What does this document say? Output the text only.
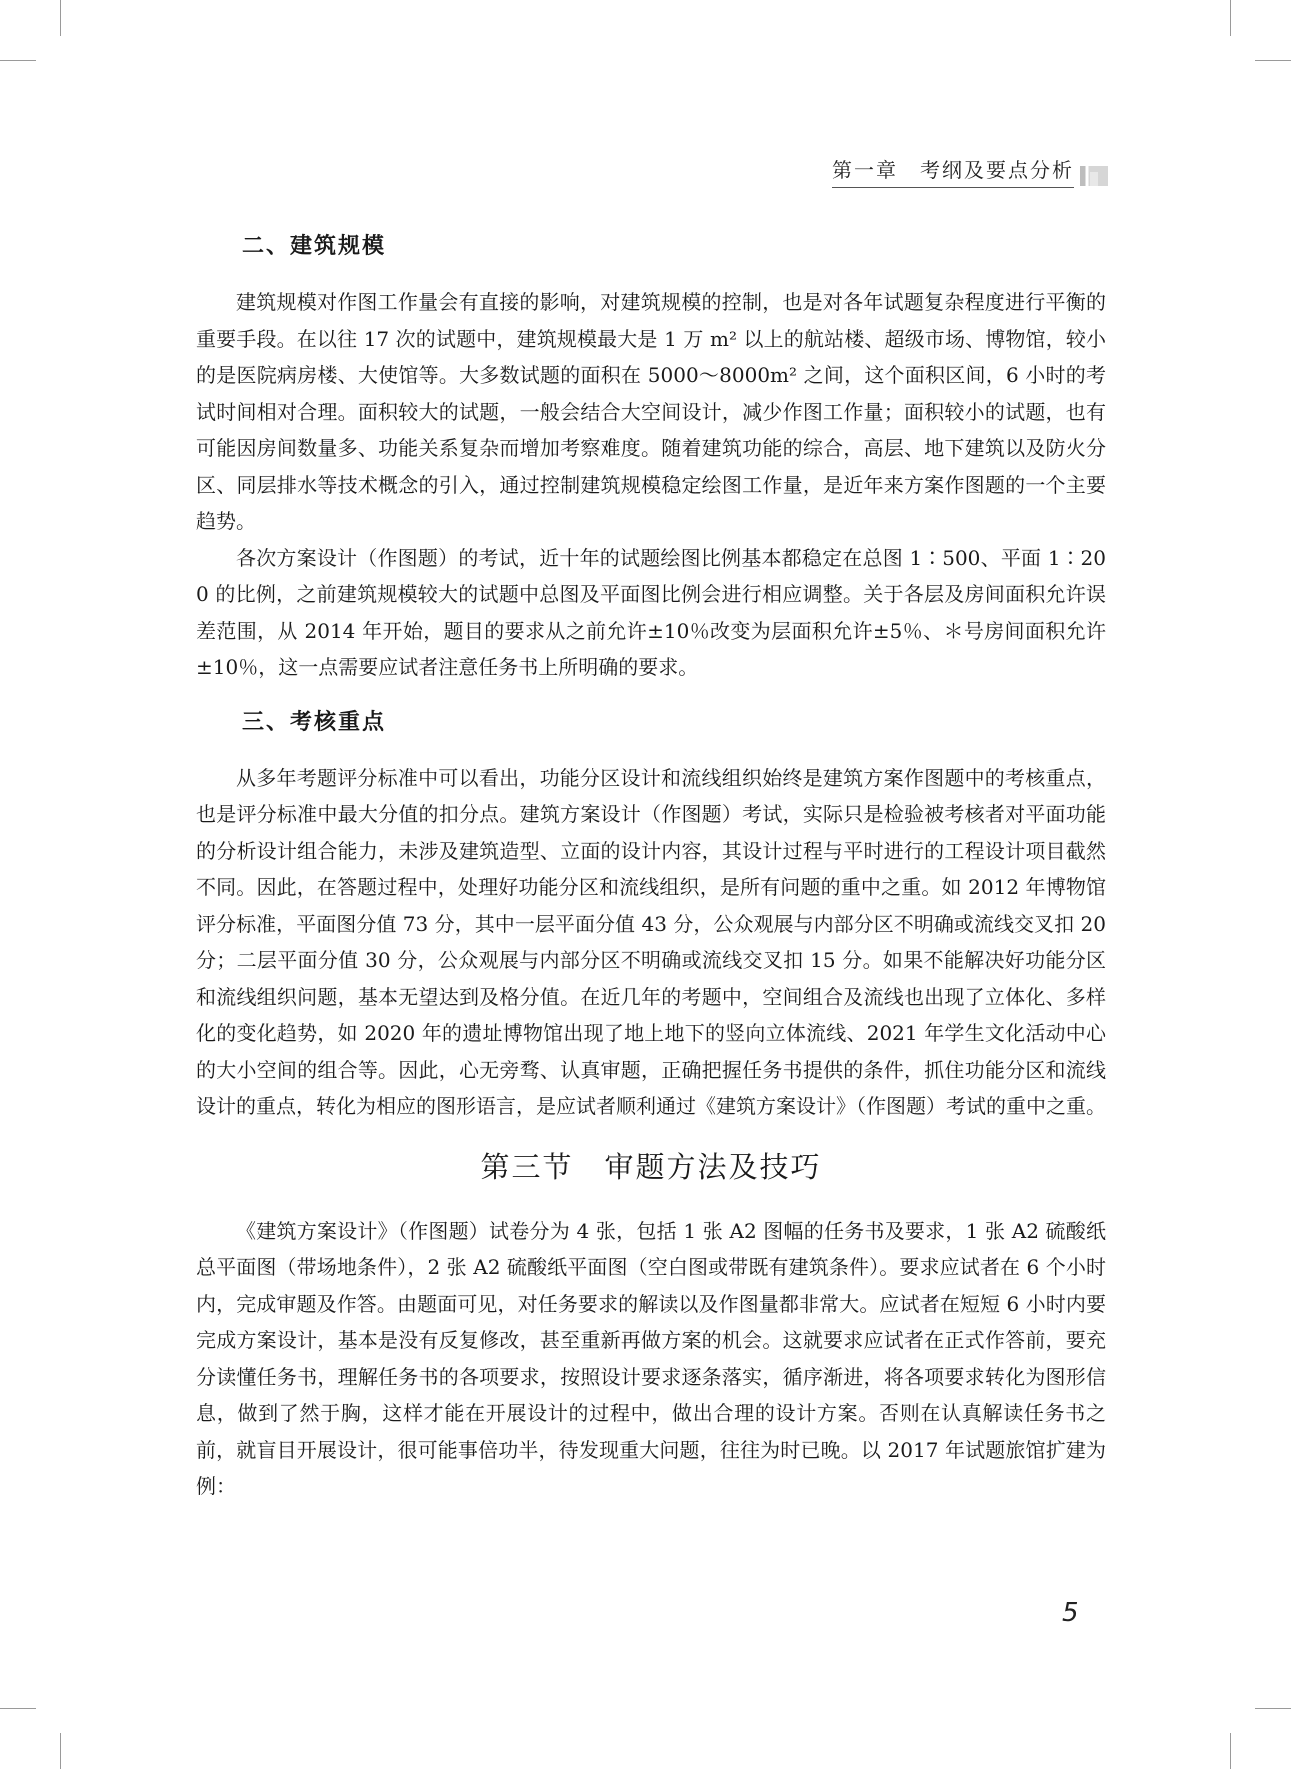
第一章　考纲及要点分析
二、建筑规模

建筑规模对作图工作量会有直接的影响，对建筑规模的控制，也是对各年试题复杂程度进行平衡的重要手段。在以往 17 次的试题中，建筑规模最大是 1 万 m² 以上的航站楼、超级市场、博物馆，较小的是医院病房楼、大使馆等。大多数试题的面积在 5000～8000m² 之间，这个面积区间，6 小时的考试时间相对合理。面积较大的试题，一般会结合大空间设计，减少作图工作量；面积较小的试题，也有可能因房间数量多、功能关系复杂而增加考察难度。随着建筑功能的综合，高层、地下建筑以及防火分区、同层排水等技术概念的引入，通过控制建筑规模稳定绘图工作量，是近年来方案作图题的一个主要趋势。

各次方案设计（作图题）的考试，近十年的试题绘图比例基本都稳定在总图 1∶500、平面 1∶200 的比例，之前建筑规模较大的试题中总图及平面图比例会进行相应调整。关于各层及房间面积允许误差范围，从 2014 年开始，题目的要求从之前允许±10％改变为层面积允许±5％、＊号房间面积允许±10％，这一点需要应试者注意任务书上所明确的要求。

三、考核重点

从多年考题评分标准中可以看出，功能分区设计和流线组织始终是建筑方案作图题中的考核重点，也是评分标准中最大分值的扣分点。建筑方案设计（作图题）考试，实际只是检验被考核者对平面功能的分析设计组合能力，未涉及建筑造型、立面的设计内容，其设计过程与平时进行的工程设计项目截然不同。因此，在答题过程中，处理好功能分区和流线组织，是所有问题的重中之重。如 2012 年博物馆评分标准，平面图分值 73 分，其中一层平面分值 43 分，公众观展与内部分区不明确或流线交叉扣 20 分；二层平面分值 30 分，公众观展与内部分区不明确或流线交叉扣 15 分。如果不能解决好功能分区和流线组织问题，基本无望达到及格分值。在近几年的考题中，空间组合及流线也出现了立体化、多样化的变化趋势，如 2020 年的遗址博物馆出现了地上地下的竖向立体流线、2021 年学生文化活动中心的大小空间的组合等。因此，心无旁骛、认真审题，正确把握任务书提供的条件，抓住功能分区和流线设计的重点，转化为相应的图形语言，是应试者顺利通过《建筑方案设计》（作图题）考试的重中之重。

第三节　审题方法及技巧

《建筑方案设计》（作图题）试卷分为 4 张，包括 1 张 A2 图幅的任务书及要求，1 张 A2 硫酸纸总平面图（带场地条件），2 张 A2 硫酸纸平面图（空白图或带既有建筑条件）。要求应试者在 6 个小时内，完成审题及作答。由题面可见，对任务要求的解读以及作图量都非常大。应试者在短短 6 小时内要完成方案设计，基本是没有反复修改，甚至重新再做方案的机会。这就要求应试者在正式作答前，要充分读懂任务书，理解任务书的各项要求，按照设计要求逐条落实，循序渐进，将各项要求转化为图形信息，做到了然于胸，这样才能在开展设计的过程中，做出合理的设计方案。否则在认真解读任务书之前，就盲目开展设计，很可能事倍功半，待发现重大问题，往往为时已晚。以 2017 年试题旅馆扩建为例：

5
